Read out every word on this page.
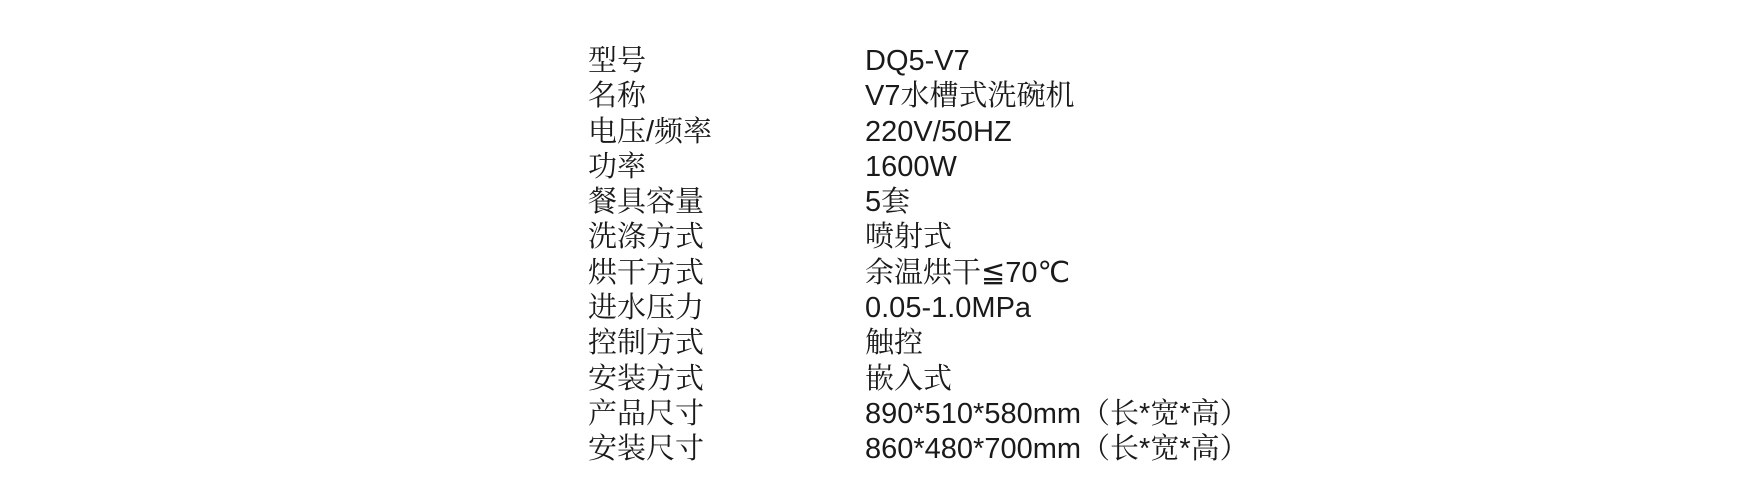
型号	DQ5-V7
名称	V7水槽式洗碗机
电压/频率	220V/50HZ
功率	1600W
餐具容量	5套
洗涤方式	喷射式
烘干方式	余温烘干≦70℃
进水压力	0.05-1.0MPa
控制方式	触控
安装方式	嵌入式
产品尺寸	890*510*580mm（长*宽*高）
安装尺寸	860*480*700mm（长*宽*高）
